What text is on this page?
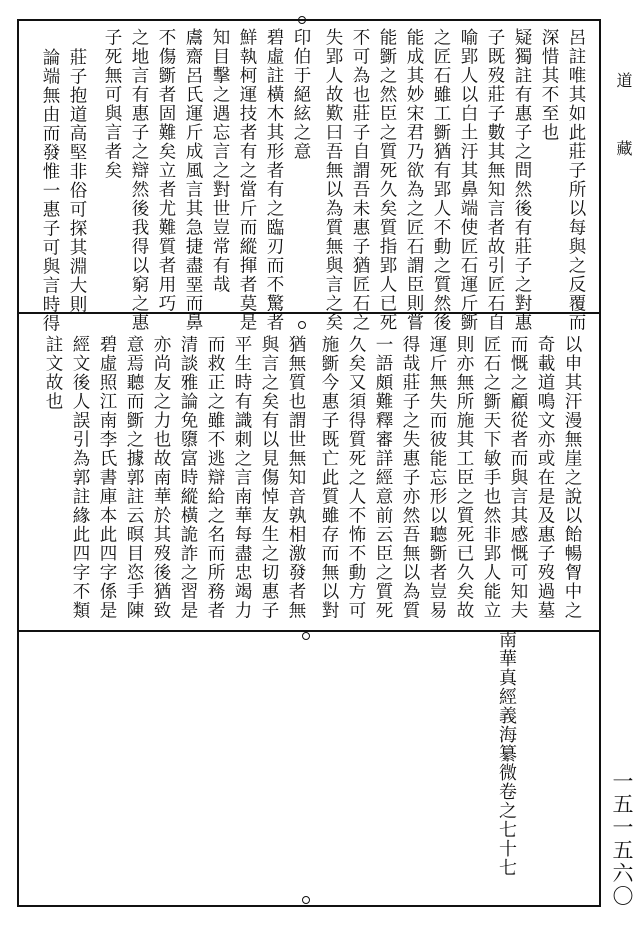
道
藏
一五一五六〇
呂註唯其如此莊子所以每與之反覆而
深惜其不至也
疑獨註有惠子之問然後有莊子之對惠
子既歿莊子數其無知言者故引匠石自
喻郢人以白土汙其鼻端使匠石運斤斵
之匠石雖工斵猶有郢人不動之質然後
能成其妙宋君乃欲為之匠石謂臣則嘗
能斵之然臣之質死久矣質指郢人已死
不可為也莊子自謂吾未惠子猶匠石之
失郢人故歎曰吾無以為質無與言之矣
印伯于絕絃之意
碧虛註橫木其形者有之臨刃而不驚者
鮮執柯運技者有之當斤而縱揮者莫是
知目擊之遇忘言之對世豈常有哉
鬳齋呂氏運斤成風言其急捷盡堊而鼻
不傷斵者固難矣立者尤難質者用巧
之地言有惠子之辯然後我得以窮之惠
子死無可與言者矣
莊子抱道高堅非俗可探其淵大則
論端無由而發惟一惠子可與言時得
以申其汗漫無崖之說以飴暢胷中之
奇載道鳴文亦或在是及惠子歿過墓
而慨之顧從者而與言其感慨可知夫
匠石之斵天下敏手也然非郢人能立
則亦無所施其工臣之質死已久矣故
運斤無失而彼能忘形以聽斵者豈易
得哉莊子之失惠子亦然吾無以為質
一語頗難釋審詳經意前云臣之質死
久矣又須得質死之人不怖不動方可
施斵今惠子既亡此質雖存而無以對
猶無質也謂世無知音孰相激發者無
與言之矣有以見傷悼友生之切惠子
平生時有識刺之言南華每盡忠竭力
而救正之雖不逃辯給之名而所務者
清談雅論免隳富時縱橫詭詐之習是
亦尚友之力也故南華於其歿後猶致
意焉聽而斵之據郭註云暝目恣手陳
碧虛照江南李氏書庫本此四字係是
經文後人誤引為郭註緣此四字不類
註文故也
南華真經義海纂微卷之七十七
